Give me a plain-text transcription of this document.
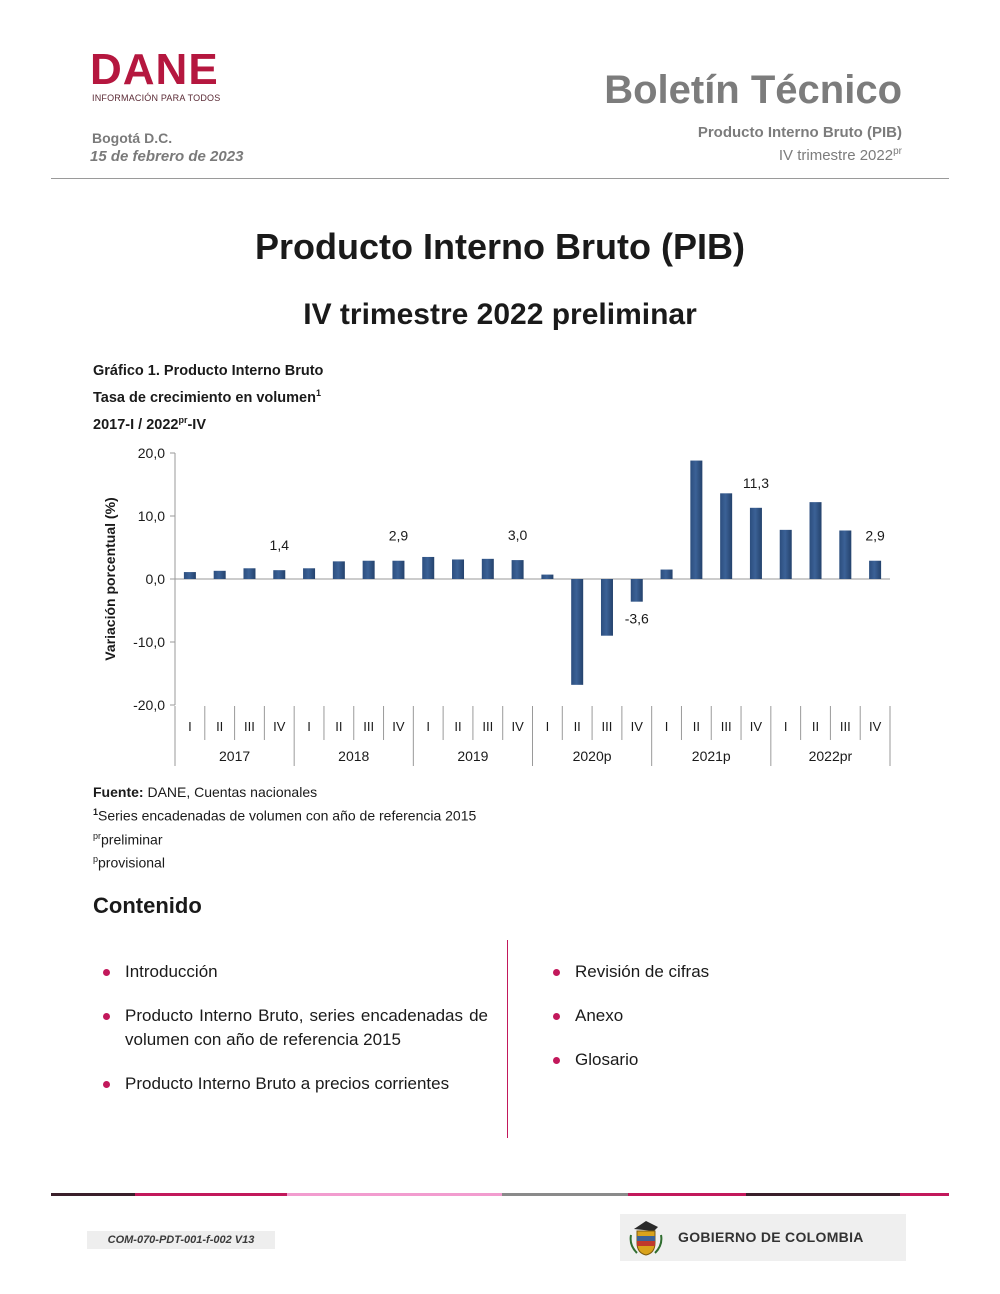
DANE
INFORMACIÓN PARA TODOS
Bogotá D.C.
15 de febrero de 2023
Boletín Técnico
Producto Interno Bruto (PIB)
IV trimestre $2022^{pr}$
Producto Interno Bruto (PIB)
IV trimestre 2022 preliminar
Gráfico 1. Producto Interno Bruto
Tasa de crecimiento en volumen$^1$
$2017-I / 2022^{pr}-IV$
20,0
10,0
0,0
-10,0
-20,0
Variación porcentual (%)	1,4
2,9	3,0
-3,6
11,3
2,9
I II III IV I II III IV I II III IV I II III IV I II III IV I II III IV
2017	2018	2019	2020p	2021p	2022pr
Fuente: DANE, Cuentas nacionales
$^1$Series encadenadas de volumen con año de referencia 2015
$^{pr}$preliminar
$^p$provisional
Contenido
Introducción
Producto Interno Bruto, series encadenadas de volumen con año de referencia 2015
Producto Interno Bruto a precios corrientes
Revisión de cifras
Anexo
Glosario
COM-070-PDT-001-f-002 V13	GOBIERNO DE COLOMBIA
